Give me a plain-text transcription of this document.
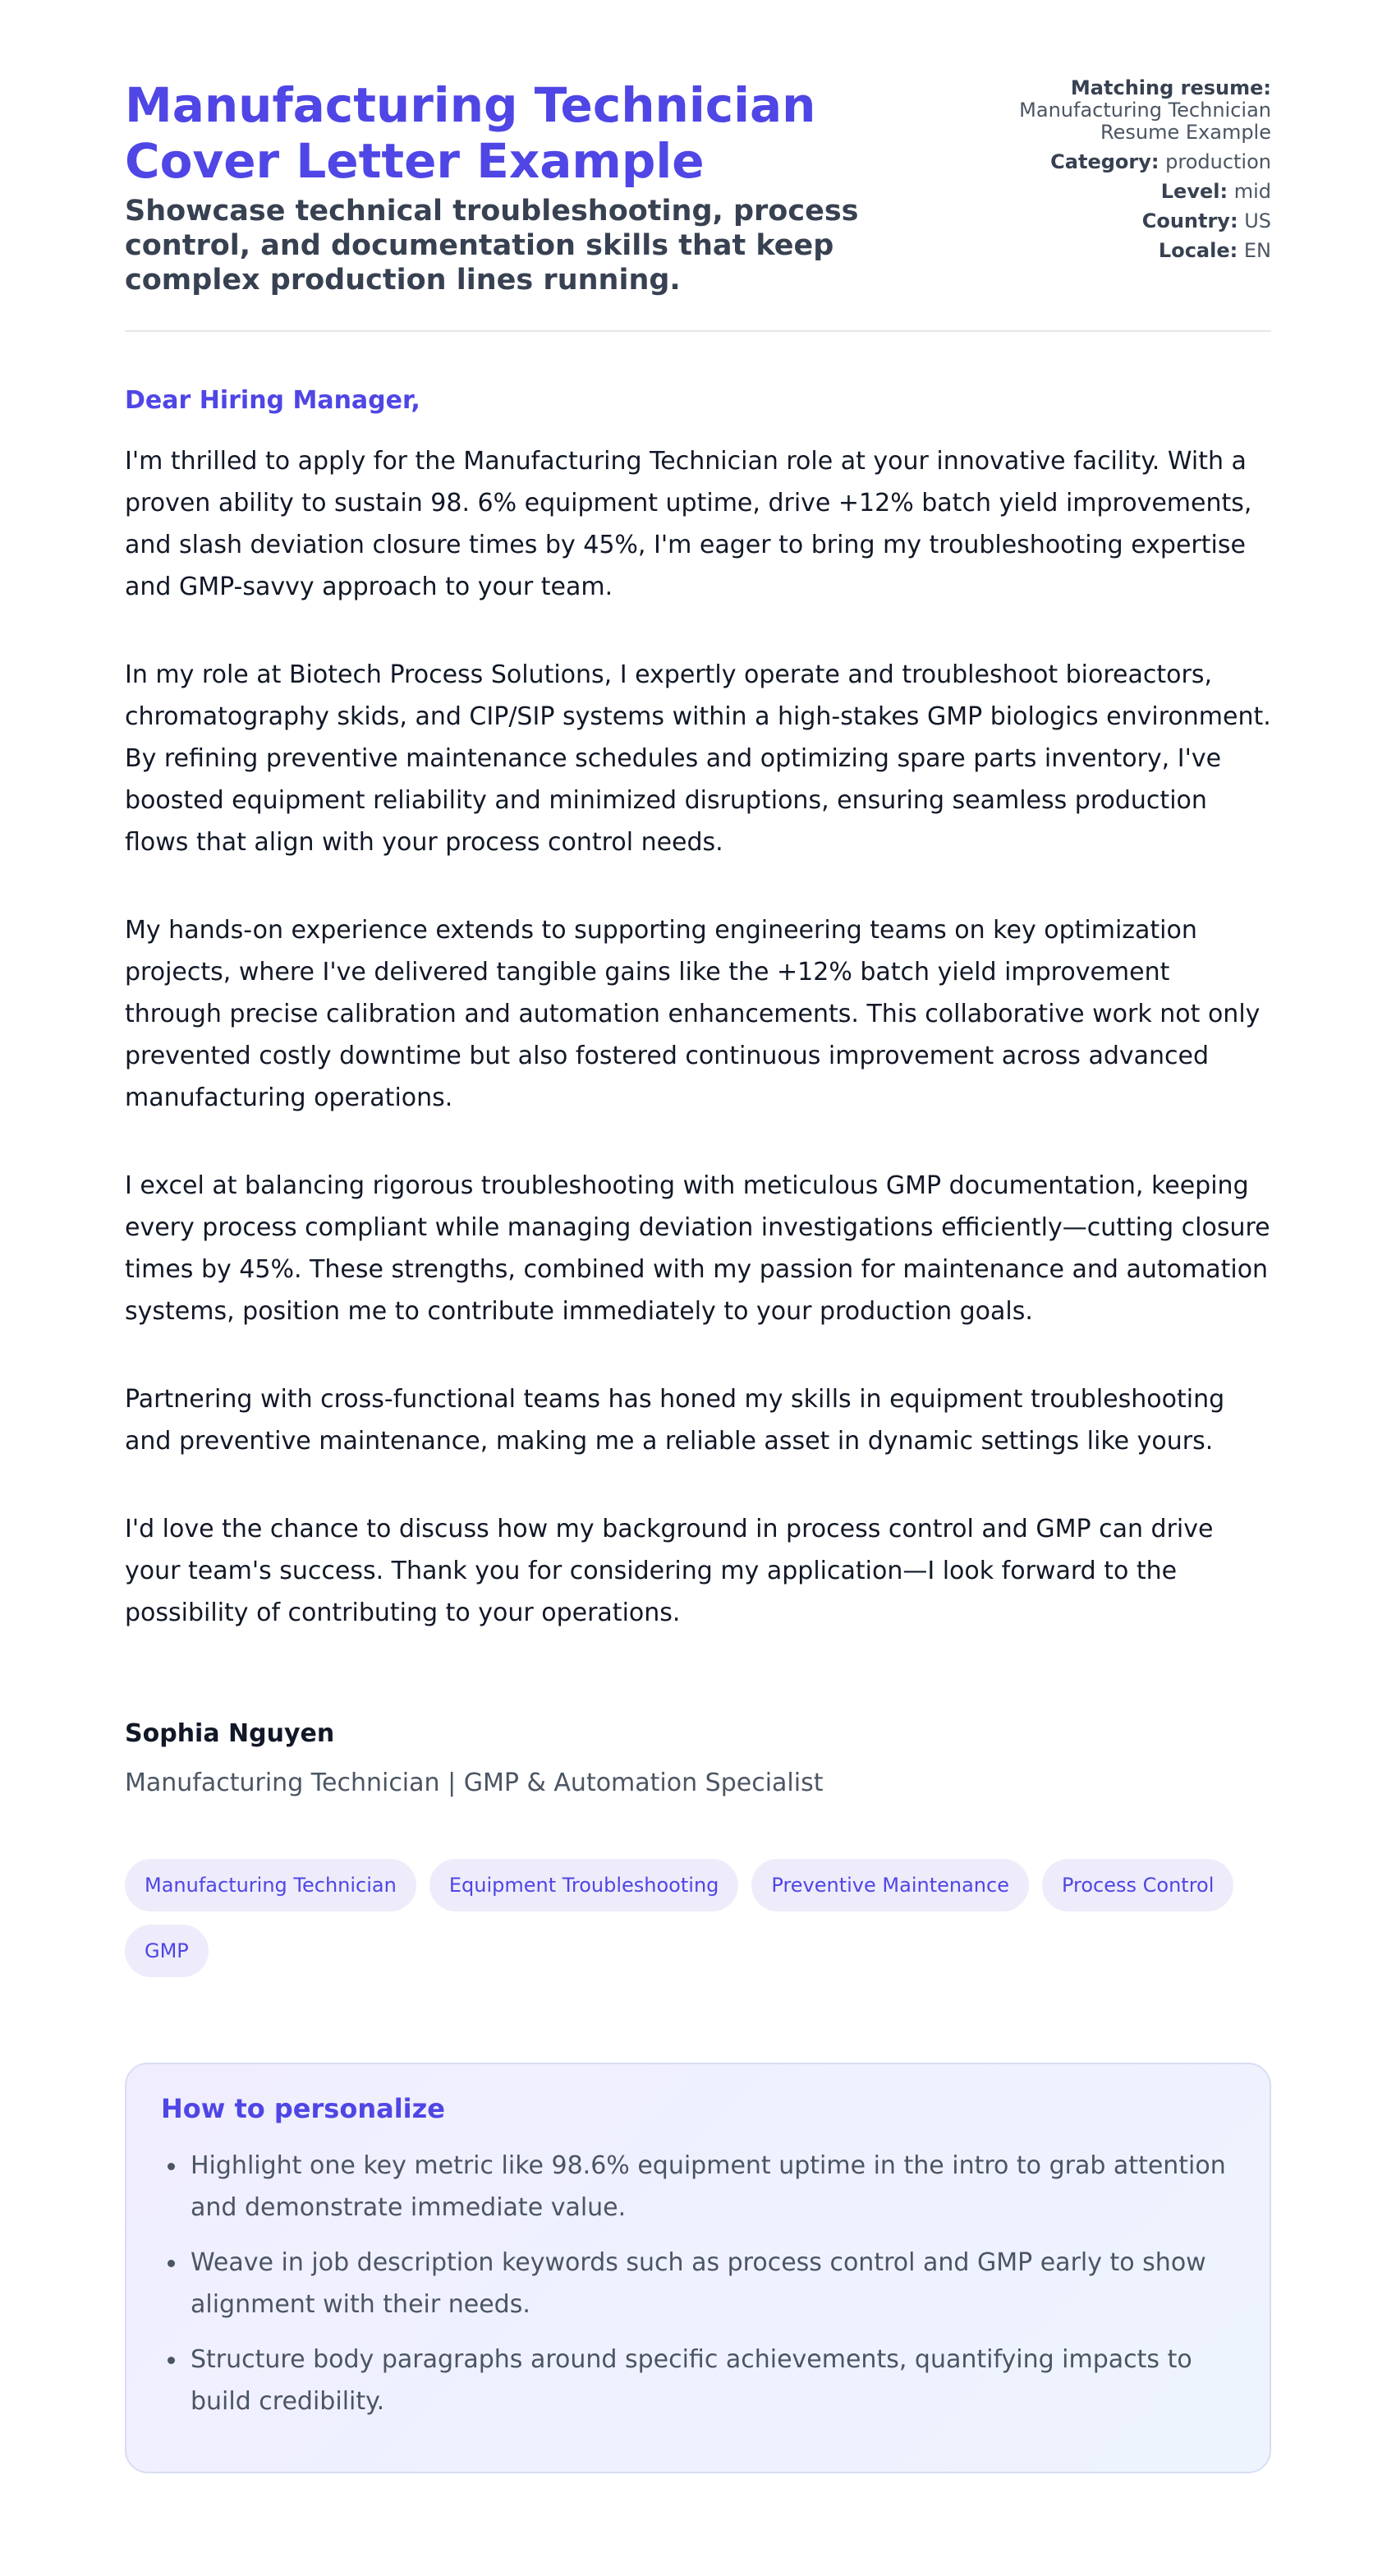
Manufacturing Technician Cover Letter Example
Showcase technical troubleshooting, process control, and documentation skills that keep complex production lines running.
Matching resume:
Manufacturing Technician Resume Example
Category: production
Level: mid
Country: US
Locale: EN

Dear Hiring Manager,

I'm thrilled to apply for the Manufacturing Technician role at your innovative facility. With a proven ability to sustain 98. 6% equipment uptime, drive +12% batch yield improvements, and slash deviation closure times by 45%, I'm eager to bring my troubleshooting expertise and GMP-savvy approach to your team.

In my role at Biotech Process Solutions, I expertly operate and troubleshoot bioreactors, chromatography skids, and CIP/SIP systems within a high-stakes GMP biologics environment. By refining preventive maintenance schedules and optimizing spare parts inventory, I've boosted equipment reliability and minimized disruptions, ensuring seamless production flows that align with your process control needs.

My hands-on experience extends to supporting engineering teams on key optimization projects, where I've delivered tangible gains like the +12% batch yield improvement through precise calibration and automation enhancements. This collaborative work not only prevented costly downtime but also fostered continuous improvement across advanced manufacturing operations.

I excel at balancing rigorous troubleshooting with meticulous GMP documentation, keeping every process compliant while managing deviation investigations efficiently—cutting closure times by 45%. These strengths, combined with my passion for maintenance and automation systems, position me to contribute immediately to your production goals.

Partnering with cross-functional teams has honed my skills in equipment troubleshooting and preventive maintenance, making me a reliable asset in dynamic settings like yours.

I'd love the chance to discuss how my background in process control and GMP can drive your team's success. Thank you for considering my application—I look forward to the possibility of contributing to your operations.

Sophia Nguyen
Manufacturing Technician | GMP & Automation Specialist
Manufacturing Technician	Equipment Troubleshooting	Preventive Maintenance	Process Control
GMP
How to personalize
Highlight one key metric like 98.6% equipment uptime in the intro to grab attention and demonstrate immediate value.
Weave in job description keywords such as process control and GMP early to show alignment with their needs.
Structure body paragraphs around specific achievements, quantifying impacts to build credibility.
